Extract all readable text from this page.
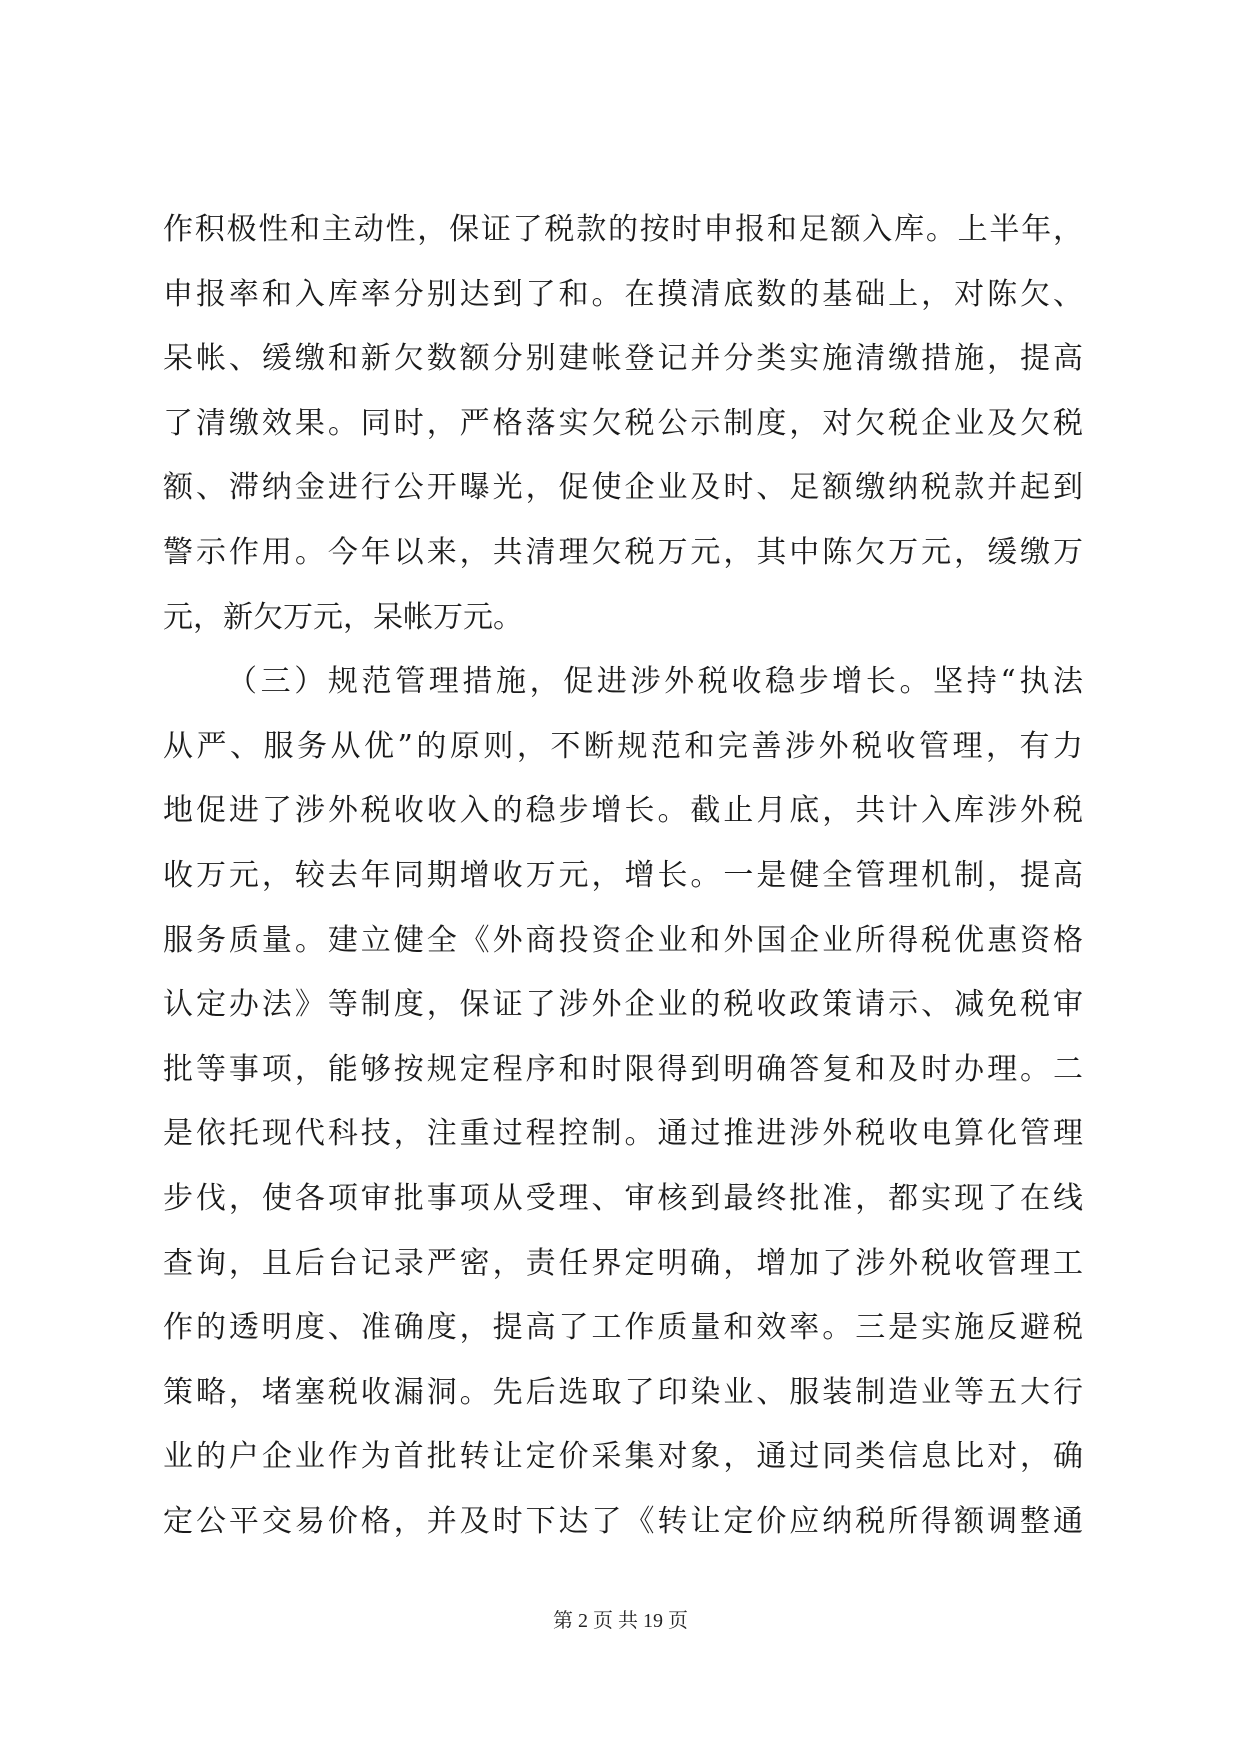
作积极性和主动性，保证了税款的按时申报和足额入库。上半年，
申报率和入库率分别达到了和。在摸清底数的基础上，对陈欠、
呆帐、缓缴和新欠数额分别建帐登记并分类实施清缴措施，提高
了清缴效果。同时，严格落实欠税公示制度，对欠税企业及欠税
额、滞纳金进行公开曝光，促使企业及时、足额缴纳税款并起到
警示作用。今年以来，共清理欠税万元，其中陈欠万元，缓缴万
元，新欠万元，呆帐万元。
（三）规范管理措施，促进涉外税收稳步增长。坚持“执法
从严、服务从优”的原则，不断规范和完善涉外税收管理，有力
地促进了涉外税收收入的稳步增长。截止月底，共计入库涉外税
收万元，较去年同期增收万元，增长。一是健全管理机制，提高
服务质量。建立健全《外商投资企业和外国企业所得税优惠资格
认定办法》等制度，保证了涉外企业的税收政策请示、减免税审
批等事项，能够按规定程序和时限得到明确答复和及时办理。二
是依托现代科技，注重过程控制。通过推进涉外税收电算化管理
步伐，使各项审批事项从受理、审核到最终批准，都实现了在线
查询，且后台记录严密，责任界定明确，增加了涉外税收管理工
作的透明度、准确度，提高了工作质量和效率。三是实施反避税
策略，堵塞税收漏洞。先后选取了印染业、服装制造业等五大行
业的户企业作为首批转让定价采集对象，通过同类信息比对，确
定公平交易价格，并及时下达了《转让定价应纳税所得额调整通
第 2 页 共 19 页
